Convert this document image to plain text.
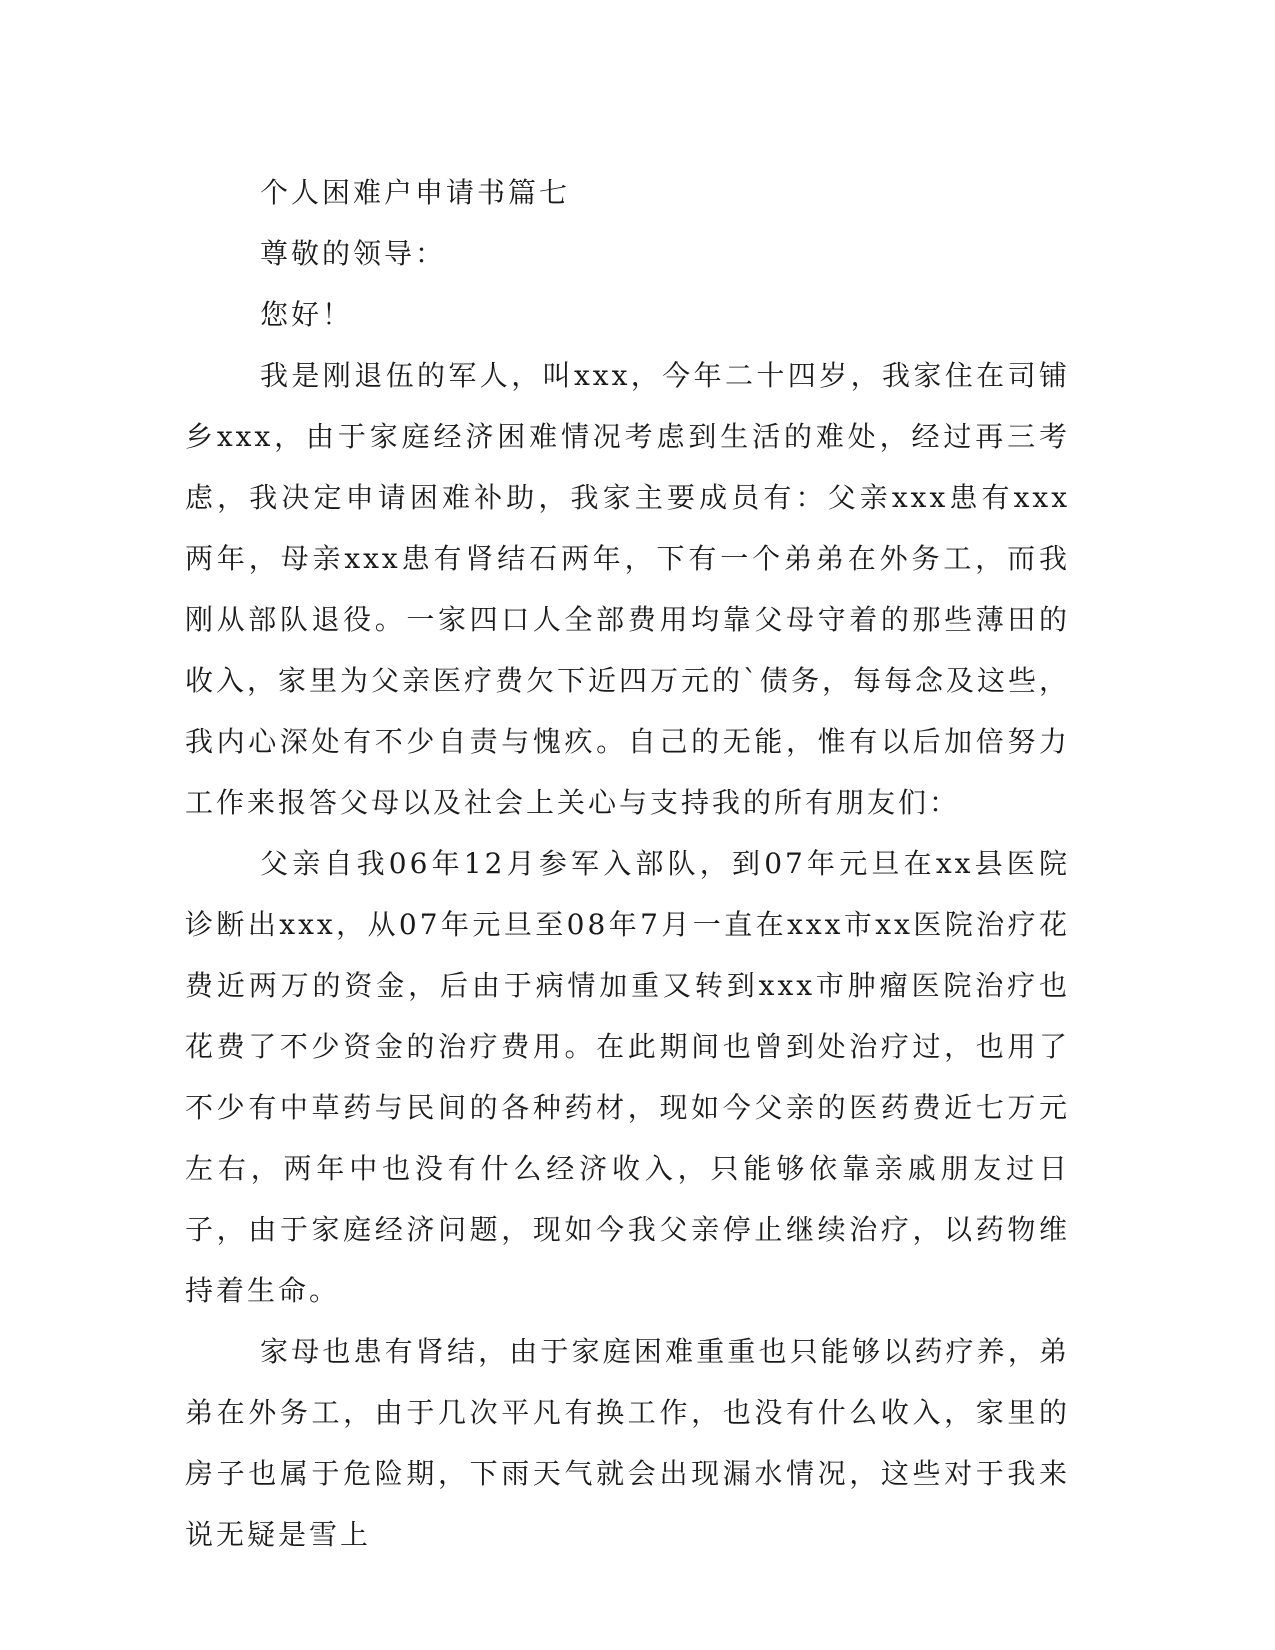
个人困难户申请书篇七

尊敬的领导：

您好！

我是刚退伍的军人，叫xxx，今年二十四岁，我家住在司铺乡xxx，由于家庭经济困难情况考虑到生活的难处，经过再三考虑，我决定申请困难补助，我家主要成员有：父亲xxx患有xxx两年，母亲xxx患有肾结石两年，下有一个弟弟在外务工，而我刚从部队退役。一家四口人全部费用均靠父母守着的那些薄田的收入，家里为父亲医疗费欠下近四万元的`债务，每每念及这些，我内心深处有不少自责与愧疚。自己的无能，惟有以后加倍努力工作来报答父母以及社会上关心与支持我的所有朋友们：

父亲自我06年12月参军入部队，到07年元旦在xx县医院诊断出xxx，从07年元旦至08年7月一直在xxx市xx医院治疗花费近两万的资金，后由于病情加重又转到xxx市肿瘤医院治疗也花费了不少资金的治疗费用。在此期间也曾到处治疗过，也用了不少有中草药与民间的各种药材，现如今父亲的医药费近七万元左右，两年中也没有什么经济收入，只能够依靠亲戚朋友过日子，由于家庭经济问题，现如今我父亲停止继续治疗，以药物维持着生命。

家母也患有肾结，由于家庭困难重重也只能够以药疗养，弟弟在外务工，由于几次平凡有换工作，也没有什么收入，家里的房子也属于危险期，下雨天气就会出现漏水情况，这些对于我来说无疑是雪上
